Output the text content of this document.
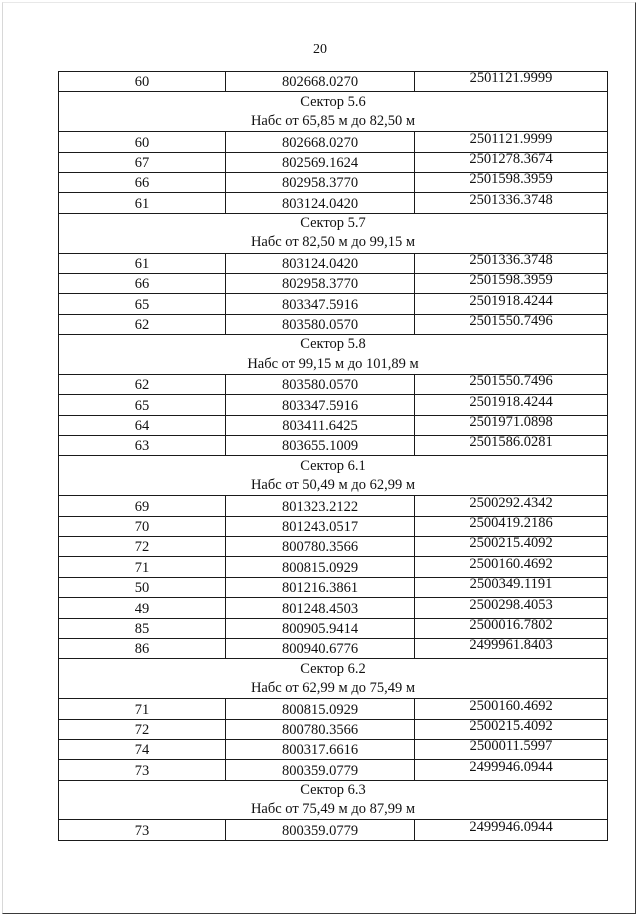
20
60	802668.0270	2501121.9999
Сектор 5.6		
Набс от 65,85 м до 82,50 м		
60	802668.0270	2501121.9999
67	802569.1624	2501278.3674
66	802958.3770	2501598.3959
61	803124.0420	2501336.3748
Сектор 5.7		
Набс от 82,50 м до 99,15 м		
61	803124.0420	2501336.3748
66	802958.3770	2501598.3959
65	803347.5916	2501918.4244
62	803580.0570	2501550.7496
Сектор 5.8		
Набс от 99,15 м до 101,89 м		
62	803580.0570	2501550.7496
65	803347.5916	2501918.4244
64	803411.6425	2501971.0898
63	803655.1009	2501586.0281
Сектор 6.1		
Набс от 50,49 м до 62,99 м		
69	801323.2122	2500292.4342
70	801243.0517	2500419.2186
72	800780.3566	2500215.4092
71	800815.0929	2500160.4692
50	801216.3861	2500349.1191
49	801248.4503	2500298.4053
85	800905.9414	2500016.7802
86	800940.6776	2499961.8403
Сектор 6.2		
Набс от 62,99 м до 75,49 м		
71	800815.0929	2500160.4692
72	800780.3566	2500215.4092
74	800317.6616	2500011.5997
73	800359.0779	2499946.0944
Сектор 6.3		
Набс от 75,49 м до 87,99 м		
73	800359.0779	2499946.0944
